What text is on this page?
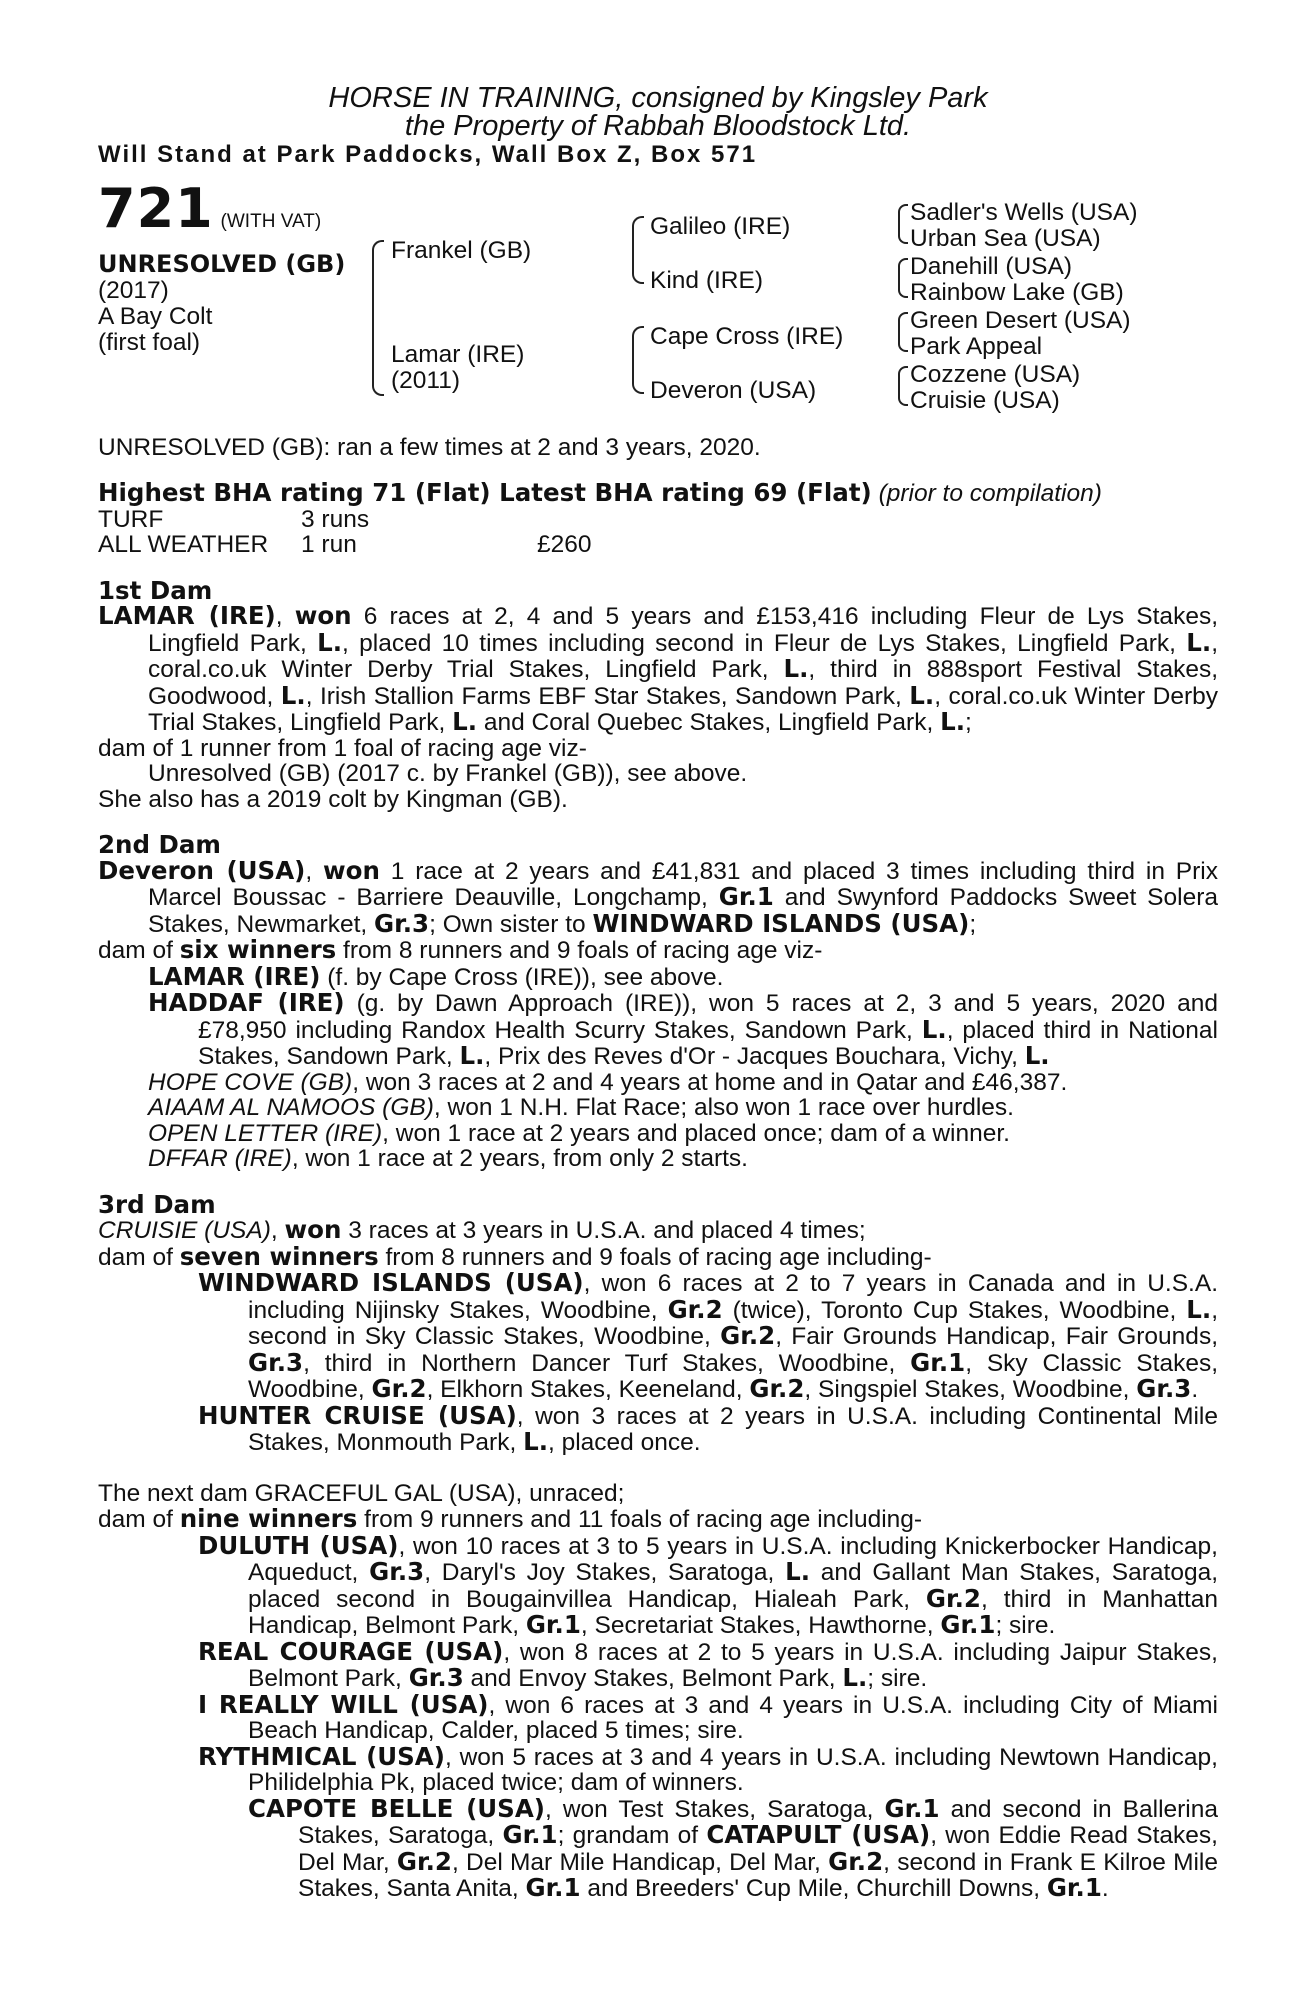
HORSE IN TRAINING, consigned by Kingsley Park
the Property of Rabbah Bloodstock Ltd.
Will Stand at Park Paddocks, Wall Box Z, Box 571
721 (WITH VAT)
UNRESOLVED (GB)
(2017)
A Bay Colt
(first foal)
Frankel (GB)
Lamar (IRE)
(2011)
Galileo (IRE)
Kind (IRE)
Cape Cross (IRE)
Deveron (USA)
Sadler's Wells (USA)
Urban Sea (USA)
Danehill (USA)
Rainbow Lake (GB)
Green Desert (USA)
Park Appeal
Cozzene (USA)
Cruisie (USA)
UNRESOLVED (GB): ran a few times at 2 and 3 years, 2020.
Highest BHA rating 71 (Flat) Latest BHA rating 69 (Flat) (prior to compilation)
TURF	3 runs
ALL WEATHER	1 run	£260
1st Dam
LAMAR (IRE), won 6 races at 2, 4 and 5 years and £153,416 including Fleur de Lys Stakes, Lingfield Park, L., placed 10 times including second in Fleur de Lys Stakes, Lingfield Park, L., coral.co.uk Winter Derby Trial Stakes, Lingfield Park, L., third in 888sport Festival Stakes, Goodwood, L., Irish Stallion Farms EBF Star Stakes, Sandown Park, L., coral.co.uk Winter Derby Trial Stakes, Lingfield Park, L. and Coral Quebec Stakes, Lingfield Park, L.;
dam of 1 runner from 1 foal of racing age viz-
Unresolved (GB) (2017 c. by Frankel (GB)), see above.
She also has a 2019 colt by Kingman (GB).
2nd Dam
Deveron (USA), won 1 race at 2 years and £41,831 and placed 3 times including third in Prix Marcel Boussac - Barriere Deauville, Longchamp, Gr.1 and Swynford Paddocks Sweet Solera Stakes, Newmarket, Gr.3; Own sister to WINDWARD ISLANDS (USA);
dam of six winners from 8 runners and 9 foals of racing age viz-
LAMAR (IRE) (f. by Cape Cross (IRE)), see above.
HADDAF (IRE) (g. by Dawn Approach (IRE)), won 5 races at 2, 3 and 5 years, 2020 and £78,950 including Randox Health Scurry Stakes, Sandown Park, L., placed third in National Stakes, Sandown Park, L., Prix des Reves d'Or - Jacques Bouchara, Vichy, L.
HOPE COVE (GB), won 3 races at 2 and 4 years at home and in Qatar and £46,387.
AIAAM AL NAMOOS (GB), won 1 N.H. Flat Race; also won 1 race over hurdles.
OPEN LETTER (IRE), won 1 race at 2 years and placed once; dam of a winner.
DFFAR (IRE), won 1 race at 2 years, from only 2 starts.
3rd Dam
CRUISIE (USA), won 3 races at 3 years in U.S.A. and placed 4 times;
dam of seven winners from 8 runners and 9 foals of racing age including-
WINDWARD ISLANDS (USA), won 6 races at 2 to 7 years in Canada and in U.S.A. including Nijinsky Stakes, Woodbine, Gr.2 (twice), Toronto Cup Stakes, Woodbine, L., second in Sky Classic Stakes, Woodbine, Gr.2, Fair Grounds Handicap, Fair Grounds, Gr.3, third in Northern Dancer Turf Stakes, Woodbine, Gr.1, Sky Classic Stakes, Woodbine, Gr.2, Elkhorn Stakes, Keeneland, Gr.2, Singspiel Stakes, Woodbine, Gr.3.
HUNTER CRUISE (USA), won 3 races at 2 years in U.S.A. including Continental Mile Stakes, Monmouth Park, L., placed once.
The next dam GRACEFUL GAL (USA), unraced;
dam of nine winners from 9 runners and 11 foals of racing age including-
DULUTH (USA), won 10 races at 3 to 5 years in U.S.A. including Knickerbocker Handicap, Aqueduct, Gr.3, Daryl's Joy Stakes, Saratoga, L. and Gallant Man Stakes, Saratoga, placed second in Bougainvillea Handicap, Hialeah Park, Gr.2, third in Manhattan Handicap, Belmont Park, Gr.1, Secretariat Stakes, Hawthorne, Gr.1; sire.
REAL COURAGE (USA), won 8 races at 2 to 5 years in U.S.A. including Jaipur Stakes, Belmont Park, Gr.3 and Envoy Stakes, Belmont Park, L.; sire.
I REALLY WILL (USA), won 6 races at 3 and 4 years in U.S.A. including City of Miami Beach Handicap, Calder, placed 5 times; sire.
RYTHMICAL (USA), won 5 races at 3 and 4 years in U.S.A. including Newtown Handicap, Philidelphia Pk, placed twice; dam of winners.
CAPOTE BELLE (USA), won Test Stakes, Saratoga, Gr.1 and second in Ballerina Stakes, Saratoga, Gr.1; grandam of CATAPULT (USA), won Eddie Read Stakes, Del Mar, Gr.2, Del Mar Mile Handicap, Del Mar, Gr.2, second in Frank E Kilroe Mile Stakes, Santa Anita, Gr.1 and Breeders' Cup Mile, Churchill Downs, Gr.1.
